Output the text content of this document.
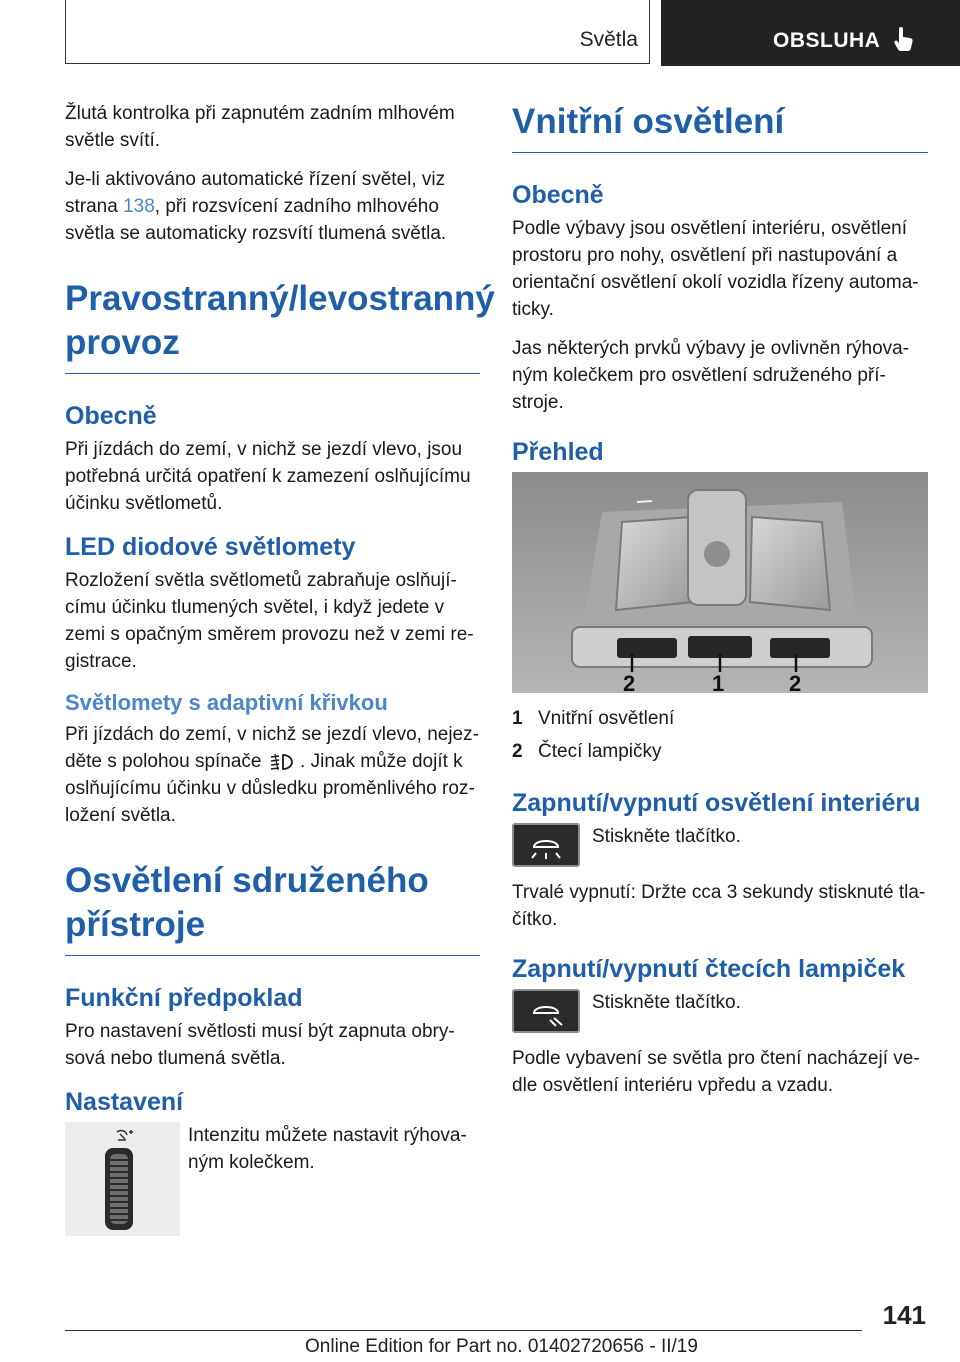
Světla	OBSLUHA

Žlutá kontrolka při zapnutém zadním mlhovém světle svítí.

Je-li aktivováno automatické řízení světel, viz strana 138, při rozsvícení zadního mlhového světla se automaticky rozsvítí tlumená světla.

Pravostranný/levostranný provoz
Obecně

Při jízdách do zemí, v nichž se jezdí vlevo, jsou potřebná určitá opatření k zamezení oslňujícímu účinku světlometů.

LED diodové světlomety

Rozložení světla světlometů zabraňuje oslňujícímu účinku tlumených světel, i když jedete v zemi s opačným směrem provozu než v zemi registrace.

Světlomety s adaptivní křivkou

Při jízdách do zemí, v nichž se jezdí vlevo, nejezděte s polohou spínače  . Jinak může dojít k oslňujícímu účinku v důsledku proměnlivého rozložení světla.

Osvětlení sdruženého přístroje
Funkční předpoklad

Pro nastavení světlosti musí být zapnuta obrysová nebo tlumená světla.

Nastavení

Intenzitu můžete nastavit rýhovaným kolečkem.

Vnitřní osvětlení
Obecně

Podle výbavy jsou osvětlení interiéru, osvětlení prostoru pro nohy, osvětlení při nastupování a orientační osvětlení okolí vozidla řízeny automaticky.

Jas některých prvků výbavy je ovlivněn rýhovaným kolečkem pro osvětlení sdruženého přístroje.

Přehled
2	1	2
1 Vnitřní osvětlení
2 Čtecí lampičky
Zapnutí/vypnutí osvětlení interiéru

Stiskněte tlačítko.

Trvalé vypnutí: Držte cca 3 sekundy stisknuté tlačítko.

Zapnutí/vypnutí čtecích lampiček

Stiskněte tlačítko.

Podle vybavení se světla pro čtení nacházejí vedle osvětlení interiéru vpředu a vzadu.

141
Online Edition for Part no. 01402720656 - II/19
